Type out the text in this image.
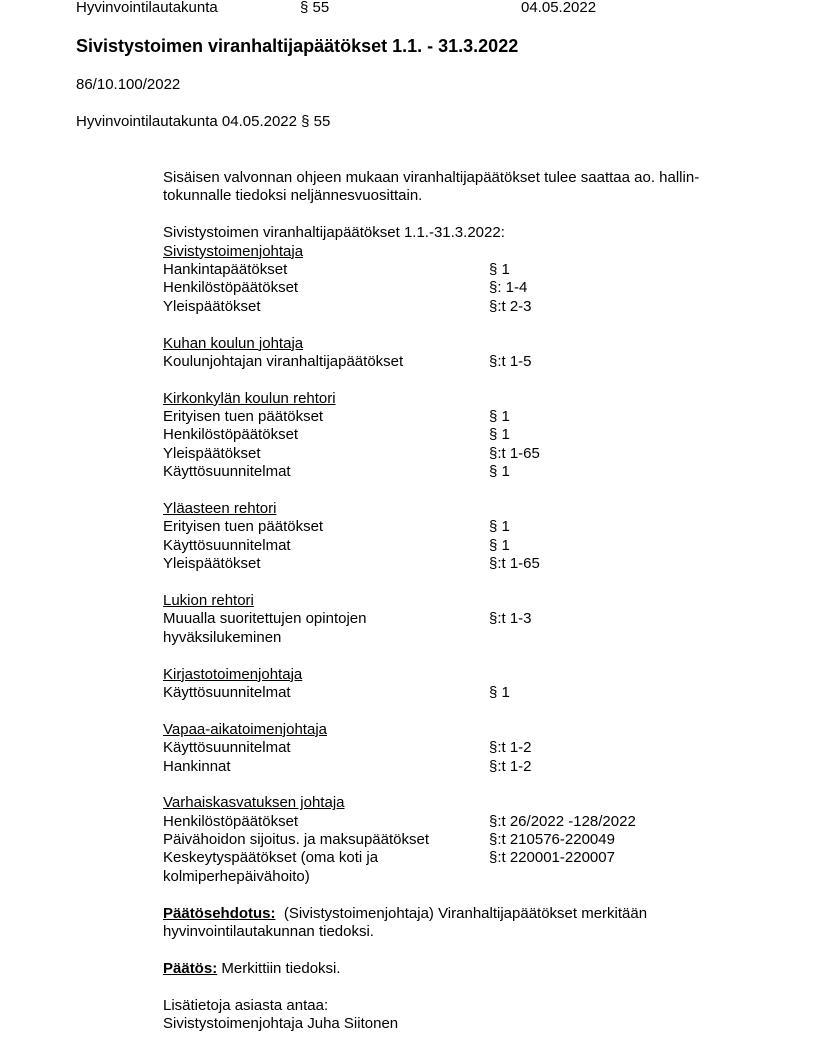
Hyvinvointilautakunta	§ 55	04.05.2022
Sivistystoimen viranhaltijapäätökset 1.1. - 31.3.2022
86/10.100/2022
Hyvinvointilautakunta 04.05.2022 § 55
Sisäisen valvonnan ohjeen mukaan viranhaltijapäätökset tulee saattaa ao. hallin-
tokunnalle tiedoksi neljännesvuosittain.
Sivistystoimen viranhaltijapäätökset 1.1.-31.3.2022:
Sivistystoimenjohtaja
Hankintapäätökset	§ 1
Henkilöstöpäätökset	§: 1-4
Yleispäätökset	§:t 2-3
Kuhan koulun johtaja
Koulunjohtajan viranhaltijapäätökset	§:t 1-5
Kirkonkylän koulun rehtori
Erityisen tuen päätökset	§ 1
Henkilöstöpäätökset	§ 1
Yleispäätökset	§:t 1-65
Käyttösuunnitelmat	§ 1
Yläasteen rehtori
Erityisen tuen päätökset	§ 1
Käyttösuunnitelmat	§ 1
Yleispäätökset	§:t 1-65
Lukion rehtori
Muualla suoritettujen opintojen	§:t 1-3
hyväksilukeminen
Kirjastotoimenjohtaja
Käyttösuunnitelmat	§ 1
Vapaa-aikatoimenjohtaja
Käyttösuunnitelmat	§:t 1-2
Hankinnat	§:t 1-2
Varhaiskasvatuksen johtaja
Henkilöstöpäätökset	§:t 26/2022 -128/2022
Päivähoidon sijoitus. ja maksupäätökset	§:t 210576-220049
Keskeytyspäätökset (oma koti ja	§:t 220001-220007
kolmiperhepäivähoito)
Päätösehdotus:  (Sivistystoimenjohtaja) Viranhaltijapäätökset merkitään
hyvinvointilautakunnan tiedoksi.
Päätös: Merkittiin tiedoksi.
Lisätietoja asiasta antaa:
Sivistystoimenjohtaja Juha Siitonen
